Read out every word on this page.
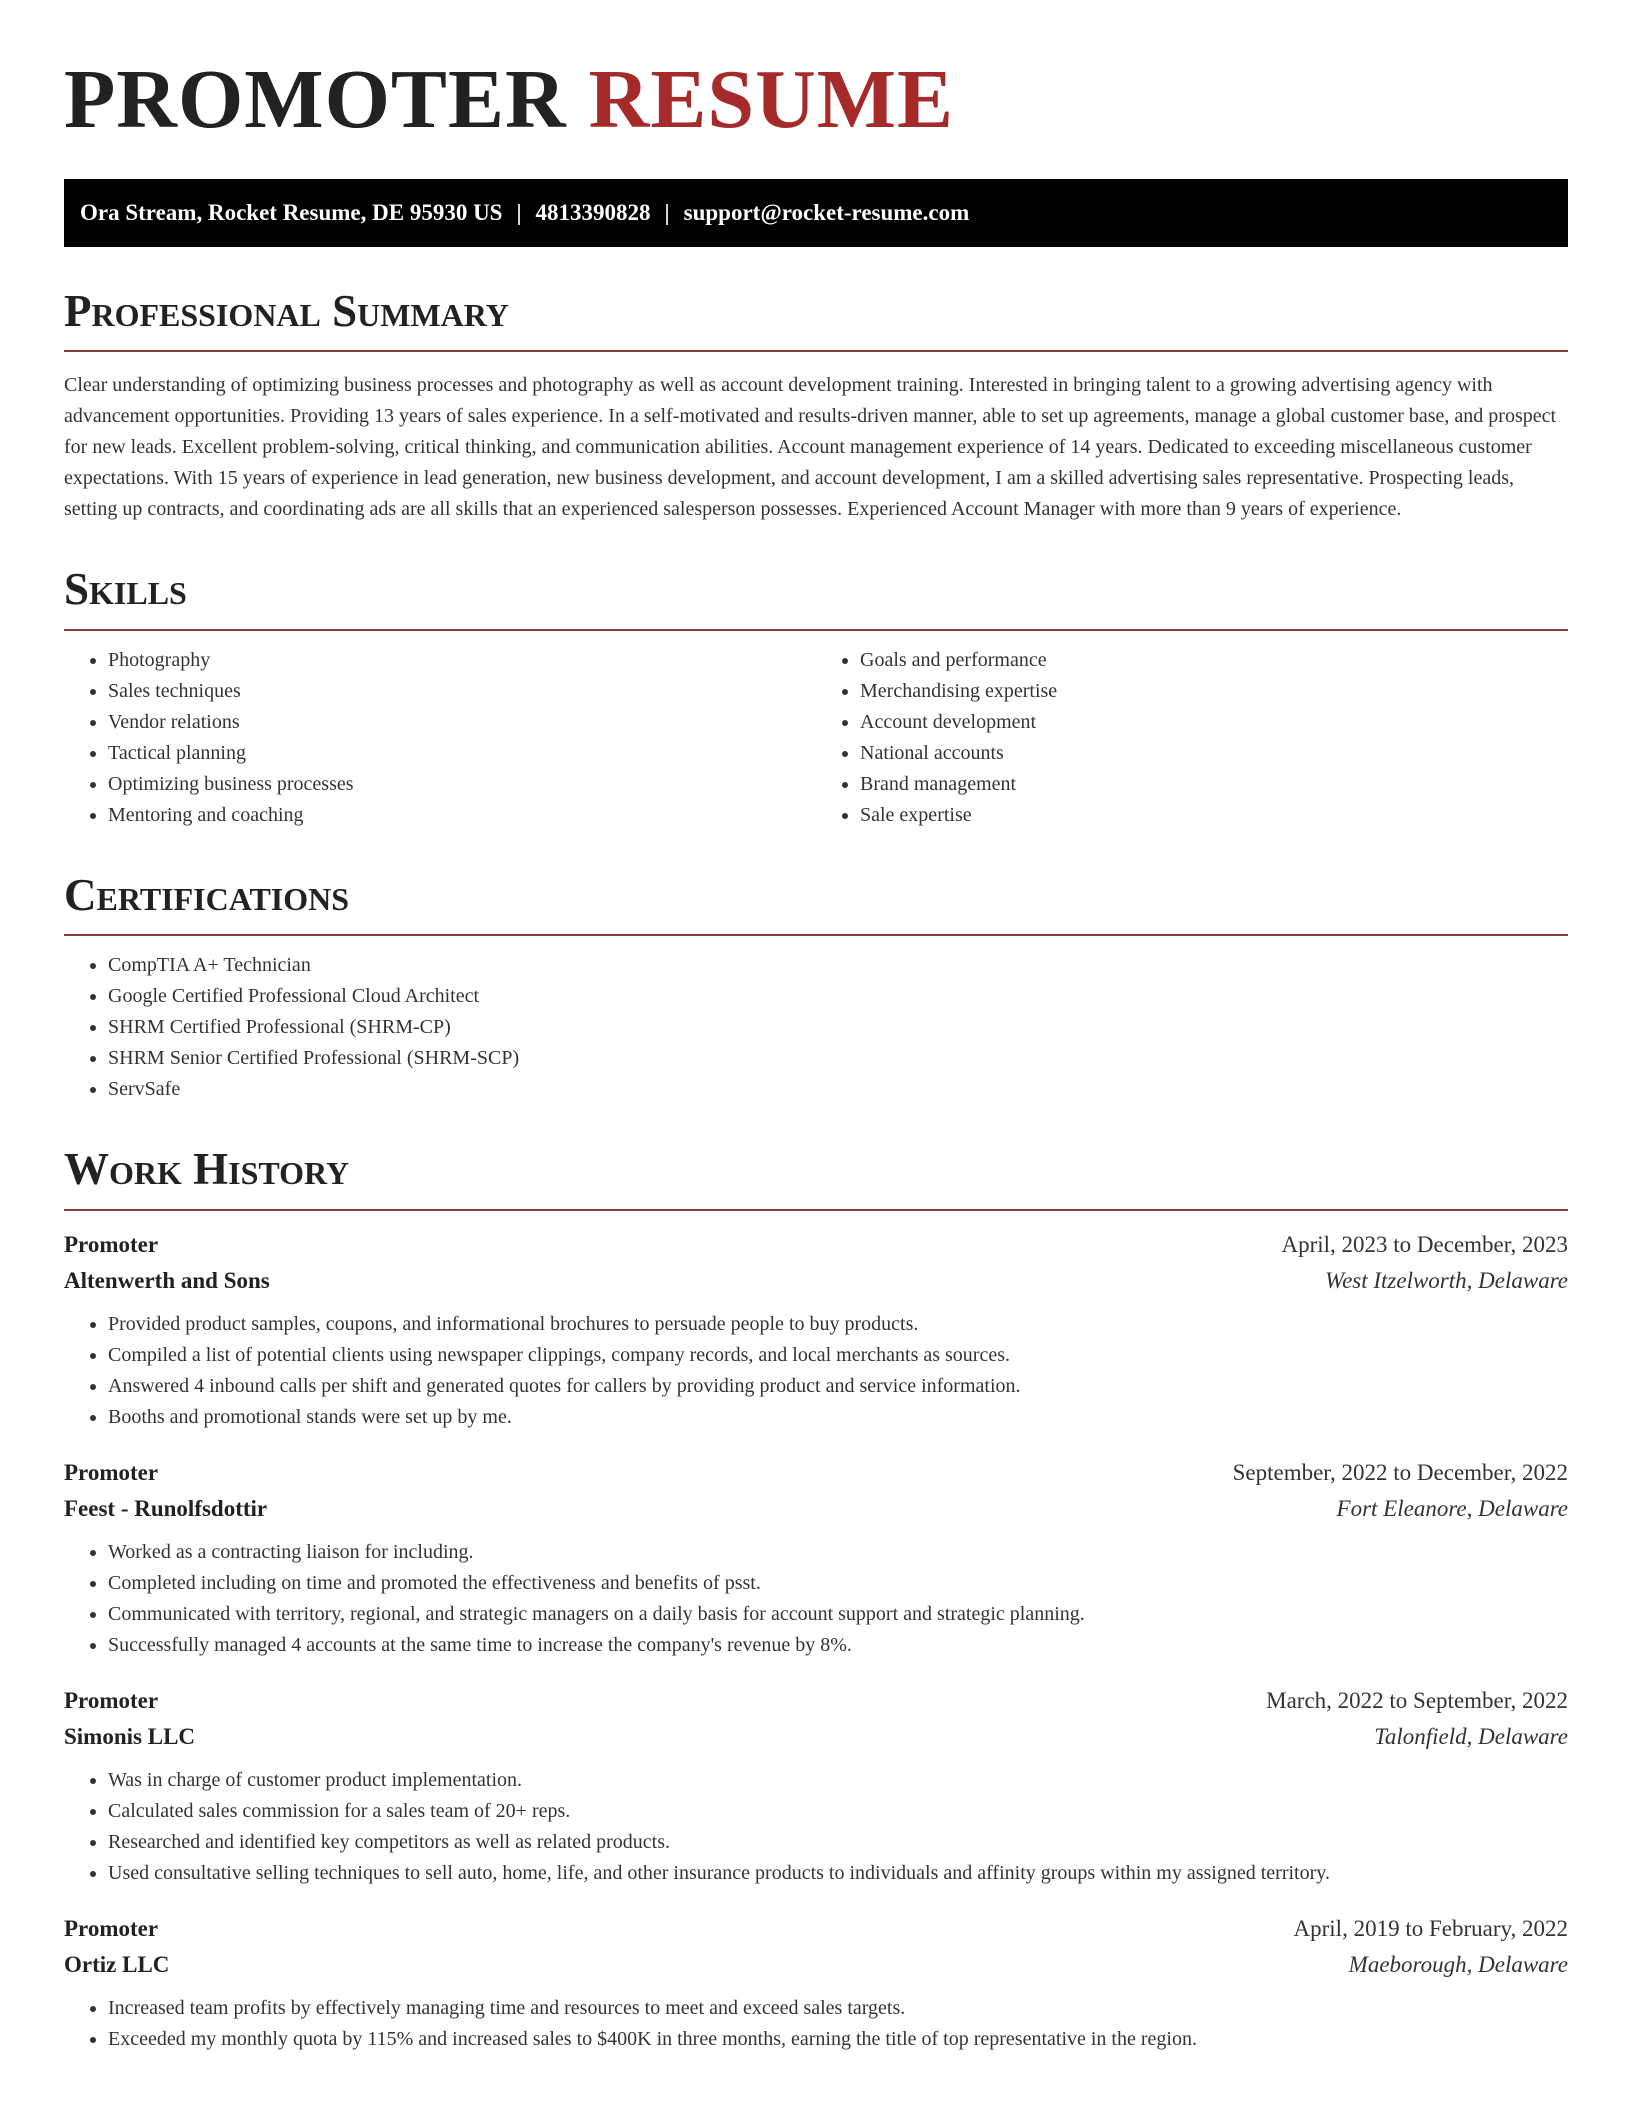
PROMOTER RESUME
Ora Stream, Rocket Resume, DE 95930 US | 4813390828 | support@rocket-resume.com
Professional Summary

Clear understanding of optimizing business processes and photography as well as account development training. Interested in bringing talent to a growing advertising agency with advancement opportunities. Providing 13 years of sales experience. In a self-motivated and results-driven manner, able to set up agreements, manage a global customer base, and prospect for new leads. Excellent problem-solving, critical thinking, and communication abilities. Account management experience of 14 years. Dedicated to exceeding miscellaneous customer expectations. With 15 years of experience in lead generation, new business development, and account development, I am a skilled advertising sales representative. Prospecting leads, setting up contracts, and coordinating ads are all skills that an experienced salesperson possesses. Experienced Account Manager with more than 9 years of experience.

Skills
• Photography
• Sales techniques
• Vendor relations
• Tactical planning
• Optimizing business processes
• Mentoring and coaching
• Goals and performance
• Merchandising expertise
• Account development
• National accounts
• Brand management
• Sale expertise
Certifications
• CompTIA A+ Technician
• Google Certified Professional Cloud Architect
• SHRM Certified Professional (SHRM-CP)
• SHRM Senior Certified Professional (SHRM-SCP)
• ServSafe
Work History
Promoter	April, 2023 to December, 2023
Altenwerth and Sons	West Itzelworth, Delaware
• Provided product samples, coupons, and informational brochures to persuade people to buy products.
• Compiled a list of potential clients using newspaper clippings, company records, and local merchants as sources.
• Answered 4 inbound calls per shift and generated quotes for callers by providing product and service information.
• Booths and promotional stands were set up by me.
Promoter	September, 2022 to December, 2022
Feest - Runolfsdottir	Fort Eleanore, Delaware
• Worked as a contracting liaison for including.
• Completed including on time and promoted the effectiveness and benefits of psst.
• Communicated with territory, regional, and strategic managers on a daily basis for account support and strategic planning.
• Successfully managed 4 accounts at the same time to increase the company's revenue by 8%.
Promoter	March, 2022 to September, 2022
Simonis LLC	Talonfield, Delaware
• Was in charge of customer product implementation.
• Calculated sales commission for a sales team of 20+ reps.
• Researched and identified key competitors as well as related products.
• Used consultative selling techniques to sell auto, home, life, and other insurance products to individuals and affinity groups within my assigned territory.
Promoter	April, 2019 to February, 2022
Ortiz LLC	Maeborough, Delaware
• Increased team profits by effectively managing time and resources to meet and exceed sales targets.
• Exceeded my monthly quota by 115% and increased sales to $400K in three months, earning the title of top representative in the region.
